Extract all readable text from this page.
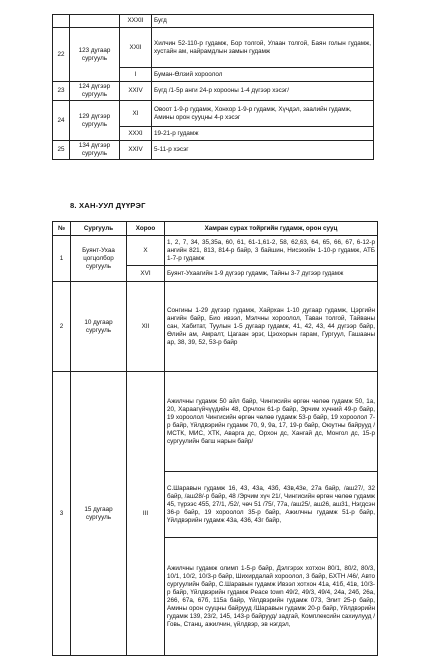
		XXXII	Бугд
22	123 дугаар сургууль	XXII	Хилчин 52-110-р гудамж, Бор толгой, Улаан толгой, Баян голын гудамж, хустайн ам, найрамдлын замын гудамж
		I	Буман-Өлзий хороолол
23	124 дүгээр сургууль	XXIV	Бүгд /1-5р анги 24-р хорооны 1-4 дүгээр хэсэг/
24	129 дүгээр сургууль	XI	Овоот 1-9-р гудамж, Хонхор 1-9-р гудамж, Хүчдэл, заалийн гудамж, Амины орон сууцны 4-р хэсэг
		XXXI	19-21-р гудамж
25	134 дүгээр сургууль	XXIV	5-11-р хэсэг
8. ХАН-УУЛ ДҮҮРЭГ
№	Сургууль	Хороо	Хамран сурах тойргийн гудамж, орон сууц
1	Буянт-Ухаа цогцолбор сургууль	X	1, 2, 7, 34, 35,35а, 60, 61, 61-1,61-2, 58, 62,63, 64, 65, 66, 67, 6-12-р ангийн 821, 813, 814-р байр, 3 байшин, Нисэхийн 1-10-р гудамж, АТБ 1-7-р гудамж
		XVI	Буянт-Ухаагийн 1-9 дүгээр гудамж, Тайны 3-7 дүгээр гудамж
2	10 дугаар сургууль	XII	Сонгины 1-29 дүгээр гудамж, Хайрхан 1-10 дугаар гудамж, Цэргийн ангийн байр, Био ивээл, Мэлчны хороолол, Таван толгой, Тайваны сан, Хабитат, Туулын 1-5 дугаар гудамж, 41, 42, 43, 44 дүгээр байр, Өлийн ам, Амралт, Цагаан эрэг, Цэохорын гарам, Гургуул, Гашааны ар, 38, 39, 52, 53-р байр
3	15 дугаар сургууль	III	Ажилчны гудамж 50 айл байр, Чингисийн өргөн чөлөө гудамж 50, 1а, 20, Хараагүйчүүдийн 48, Орчлон 61-р байр, Эрчим хүчний 49-р байр, 19 хороолол Чингисийн өргөн чөлөө гудамж 53-р байр, 19 хороолол 7-р байр, Үйлдвэрийн гудамж 70, 9, 9а, 17, 19-р байр, Оюутны байрууд /МСТК, МИС, ХТК, Аварга дс, Орхон дс, Хангай дс, Монгол дс, 15-р сургуулийн багш нарын байр/
			С.Шаравын гудамж 16, 43, 43а, 43б, 43в,43e, 27а байр, /аш27/, 32 байр, /аш28/-р байр, 48 /Эрчим хүч 21/, Чингисийн өргөн чөлөө гудамж 45, түрээс 455, 27/1, /52/, чөч 51 /75/, 77а, /аш25/, аш26, аш31, Нэгдсэн 36-р байр, 19 хороолол 35-р байр, Ажилчны гудамж 51-р байр, Үйлдвэрийн гудамж 43а, 436, 43г байр,
			Ажилчны гудамж олимп 1-5-р байр, Дэлгэрэх хотхон 80/1, 80/2, 80/3, 10/1, 10/2, 10/3-р байр, Шихирдалай хороолол, 3 байр, БХТН /46/, Авто сургуулийн байр, С.Шаравын гудамж Ивээл хотхон 41а, 41б, 41в, 10/3-р байр, Үйлдвэрийн гудамж Peace town 49/2, 49/3, 49/4, 24а, 24б, 26а, 266, 67а, 67б, 115а байр, Үйлдвэрийн гудамж 073, Элит 25-р байр, Амины орон сууцны байрууд /Шаравын гудамж 20-р байр, Үйлдвэрийн гудамж 139, 23/2, 145, 143-р байрууд/ задгай, Комплексийн сахиулууд /Говь, Станц, ажилчин, үйлдвэр, эв нэгдэл,
